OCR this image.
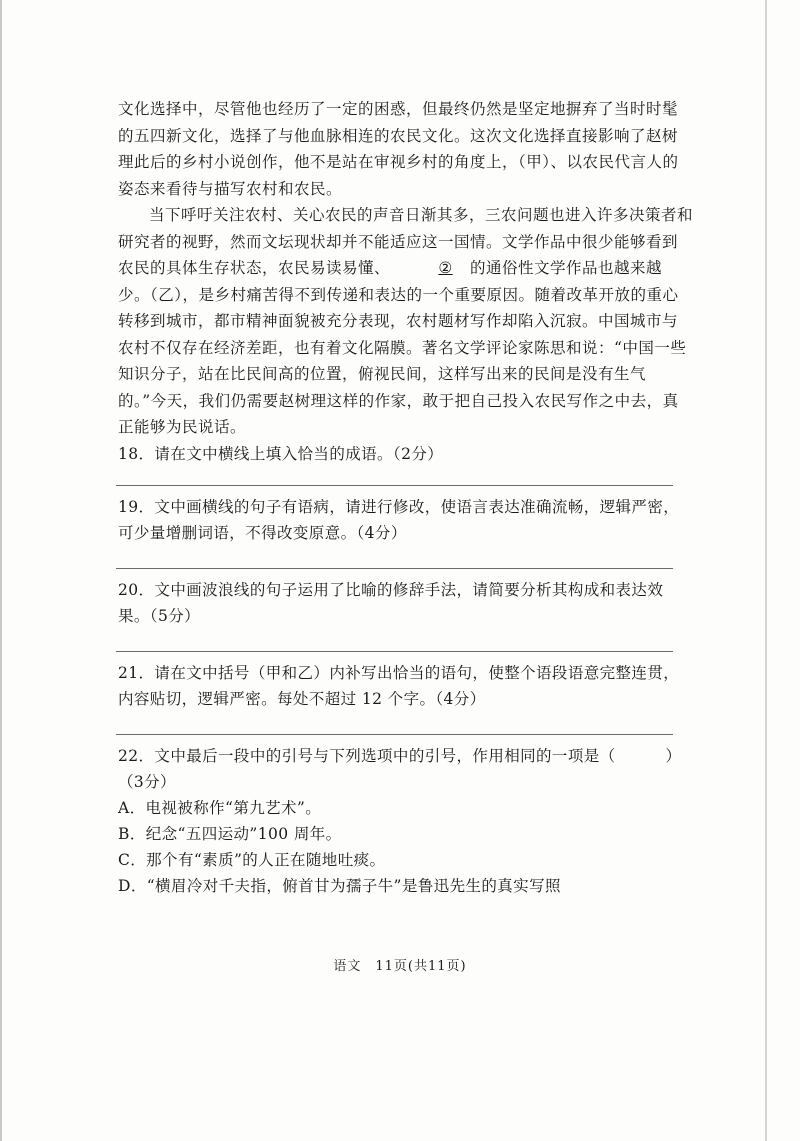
文化选择中，尽管他也经历了一定的困惑，但最终仍然是坚定地摒弃了当时时髦的五四新文化，选择了与他血脉相连的农民文化。这次文化选择直接影响了赵树理此后的乡村小说创作，他不是站在审视乡村的角度上，（甲）、以农民代言人的姿态来看待与描写农村和农民。

当下呼吁关注农村、关心农民的声音日渐其多，三农问题也进入许多决策者和研究者的视野，然而文坛现状却并不能适应这一国情。文学作品中很少能够看到农民的具体生存状态，农民易读易懂、	② 的通俗性文学作品也越来越少。（乙），是乡村痛苦得不到传递和表达的一个重要原因。随着改革开放的重心转移到城市，都市精神面貌被充分表现，农村题材写作却陷入沉寂。中国城市与农村不仅存在经济差距，也有着文化隔膜。著名文学评论家陈思和说：“中国一些知识分子，站在比民间高的位置，俯视民间，这样写出来的民间是没有生气的。”今天，我们仍需要赵树理这样的作家，敢于把自己投入农民写作之中去，真正能够为民说话。

18．请在文中横线上填入恰当的成语。（2分）

19．文中画横线的句子有语病，请进行修改，使语言表达准确流畅，逻辑严密，可少量增删词语，不得改变原意。（4分）

20．文中画波浪线的句子运用了比喻的修辞手法，请简要分析其构成和表达效果。（5分）

21．请在文中括号（甲和乙）内补写出恰当的语句，使整个语段语意完整连贯，内容贴切，逻辑严密。每处不超过 12 个字。（4分）

22．文中最后一段中的引号与下列选项中的引号，作用相同的一项是（	）

（3分）

A．电视被称作“第九艺术”。

B．纪念“五四运动”100 周年。

C．那个有“素质”的人正在随地吐痰。

D．“横眉冷对千夫指，俯首甘为孺子牛”是鲁迅先生的真实写照

语文　11页(共11页)
